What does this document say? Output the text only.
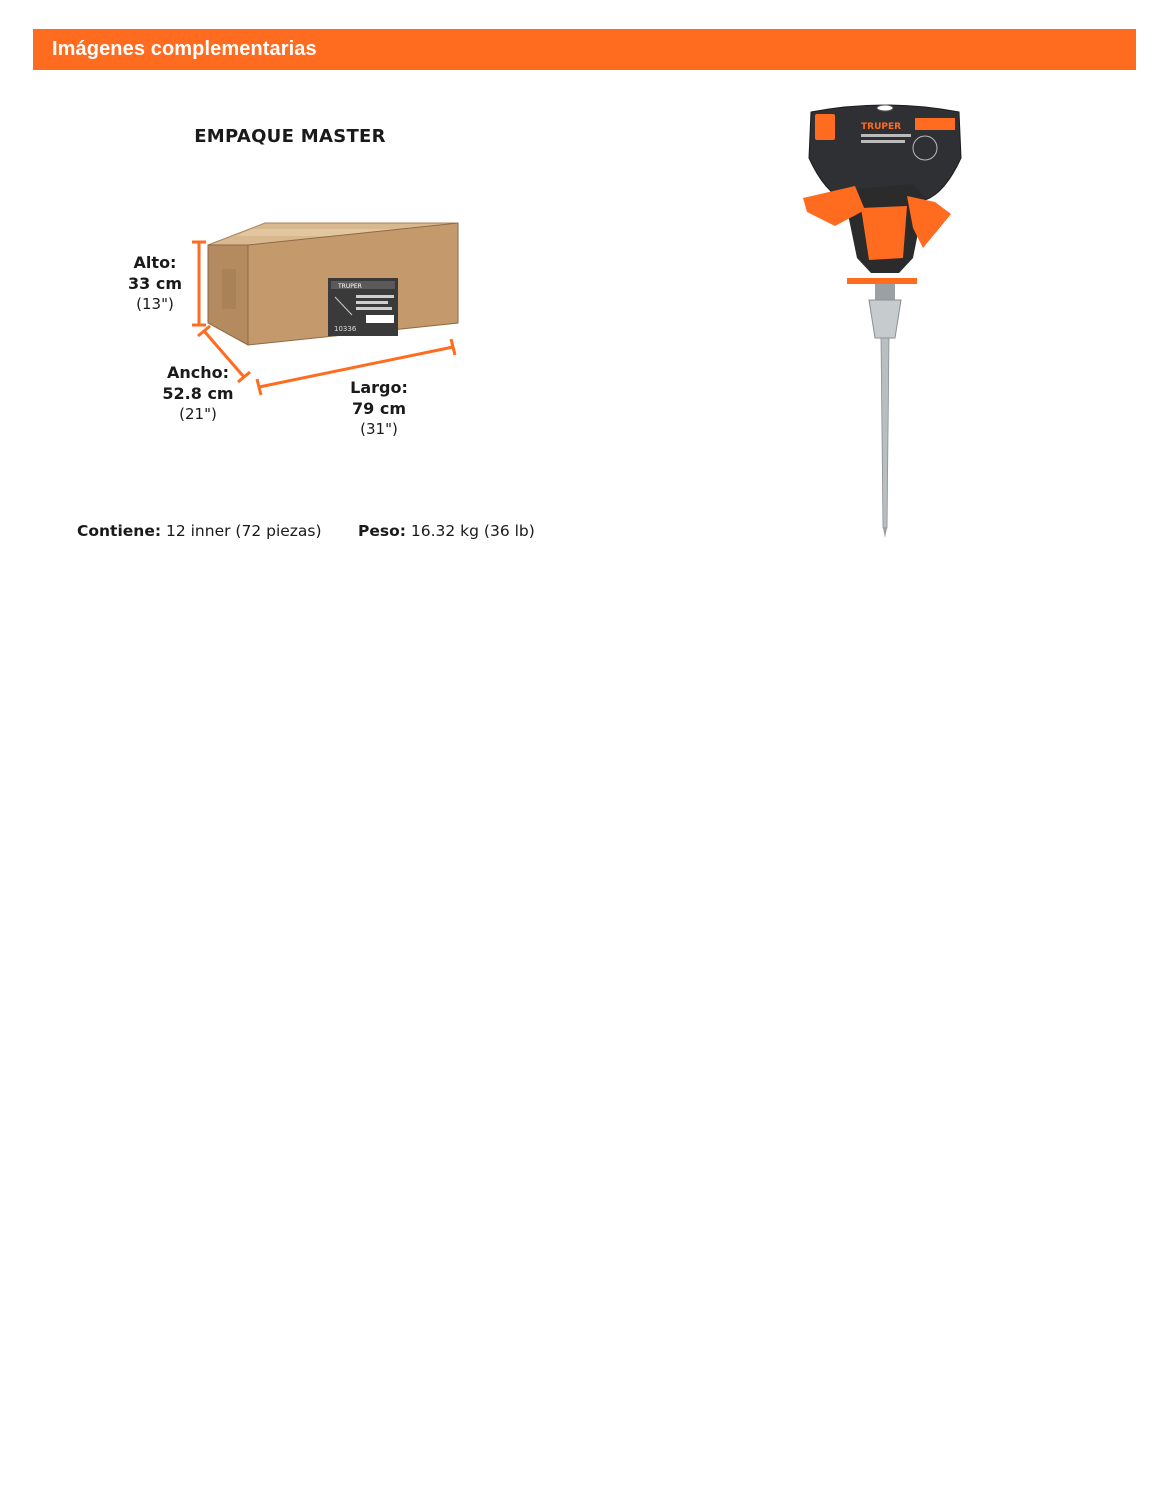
Imágenes complementarias
EMPAQUE MASTER
TRUPER
10336
Alto:
33 cm
(13")
Ancho:
52.8 cm
(21")
Largo:
79 cm
(31")
Contiene: 12 inner (72 piezas) Peso: 16.32 kg (36 lb)
TRUPER
